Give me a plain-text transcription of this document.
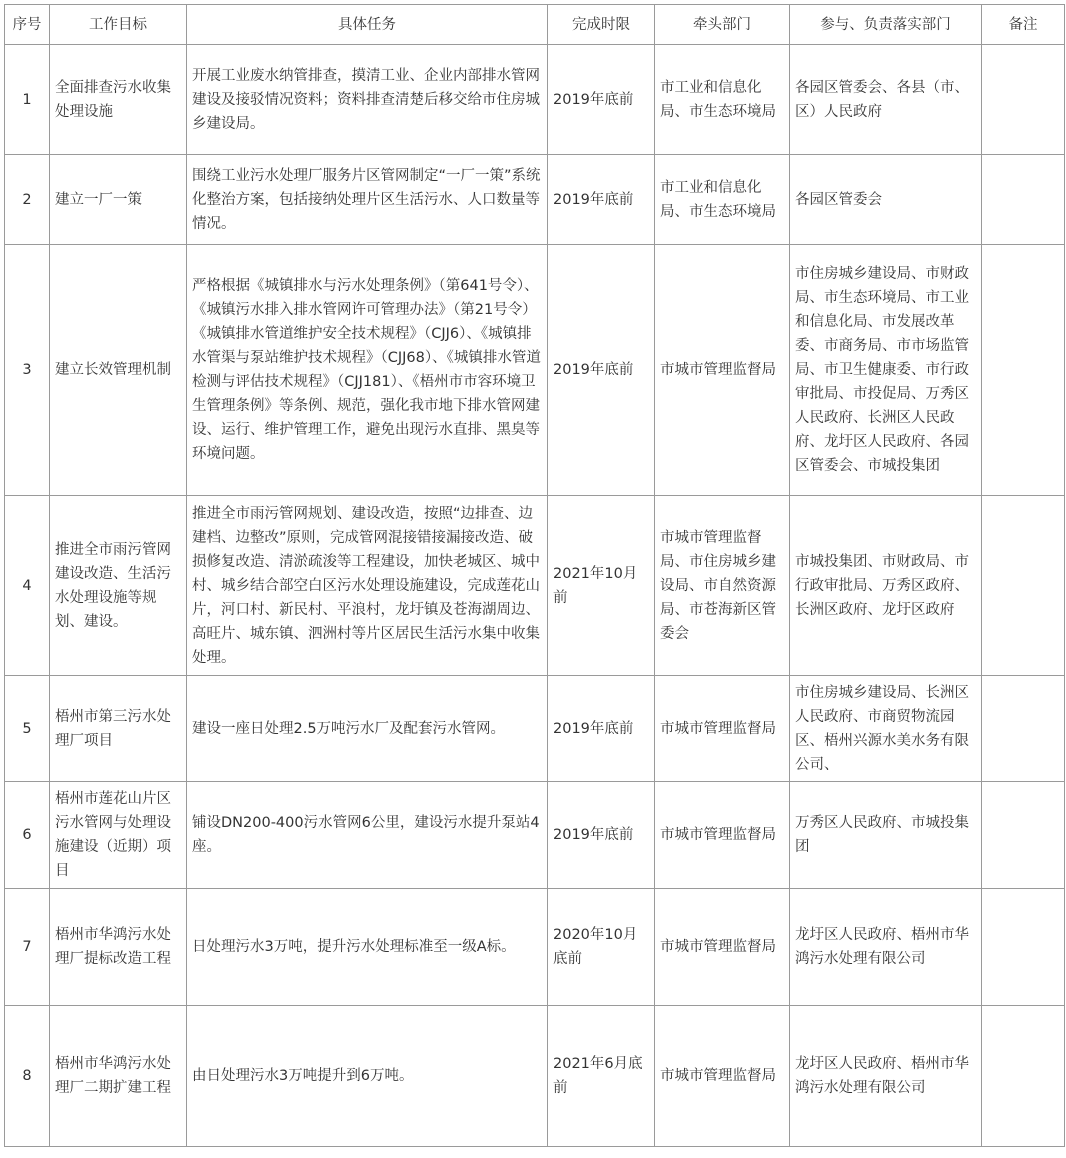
序号	工作目标	具体任务	完成时限	牵头部门	参与、负责落实部门	备注
1	全面排查污水收集处理设施	开展工业废水纳管排查，摸清工业、企业内部排水管网建设及接驳情况资料；资料排查清楚后移交给市住房城乡建设局。	2019年底前	市工业和信息化局、市生态环境局	各园区管委会、各县（市、区）人民政府	
2	建立一厂一策	围绕工业污水处理厂服务片区管网制定“一厂一策”系统化整治方案，包括接纳处理片区生活污水、人口数量等情况。	2019年底前	市工业和信息化局、市生态环境局	各园区管委会	
3	建立长效管理机制	严格根据《城镇排水与污水处理条例》（第641号令）、《城镇污水排入排水管网许可管理办法》（第21号令）《城镇排水管道维护安全技术规程》（CJJ6）、《城镇排水管渠与泵站维护技术规程》（CJJ68）、《城镇排水管道检测与评估技术规程》（CJJ181）、《梧州市市容环境卫生管理条例》等条例、规范，强化我市地下排水管网建设、运行、维护管理工作，避免出现污水直排、黑臭等环境问题。	2019年底前	市城市管理监督局	市住房城乡建设局、市财政局、市生态环境局、市工业和信息化局、市发展改革委、市商务局、市市场监管局、市卫生健康委、市行政审批局、市投促局、万秀区人民政府、长洲区人民政府、龙圩区人民政府、各园区管委会、市城投集团	
4	推进全市雨污管网建设改造、生活污水处理设施等规划、建设。	推进全市雨污管网规划、建设改造，按照“边排查、边建档、边整改”原则，完成管网混接错接漏接改造、破损修复改造、清淤疏浚等工程建设，加快老城区、城中村、城乡结合部空白区污水处理设施建设，完成莲花山片，河口村、新民村、平浪村，龙圩镇及苍海湖周边、高旺片、城东镇、泗洲村等片区居民生活污水集中收集处理。	2021年10月前	市城市管理监督局、市住房城乡建设局、市自然资源局、市苍海新区管委会	市城投集团、市财政局、市行政审批局、万秀区政府、长洲区政府、龙圩区政府	
5	梧州市第三污水处理厂项目	建设一座日处理2.5万吨污水厂及配套污水管网。	2019年底前	市城市管理监督局	市住房城乡建设局、长洲区人民政府、市商贸物流园区、梧州兴源水美水务有限公司、	
6	梧州市莲花山片区污水管网与处理设施建设（近期）项目	铺设DN200-400污水管网6公里，建设污水提升泵站4座。	2019年底前	市城市管理监督局	万秀区人民政府、市城投集团	
7	梧州市华鸿污水处理厂提标改造工程	日处理污水3万吨，提升污水处理标准至一级A标。	2020年10月底前	市城市管理监督局	龙圩区人民政府、梧州市华鸿污水处理有限公司	
8	梧州市华鸿污水处理厂二期扩建工程	由日处理污水3万吨提升到6万吨。	2021年6月底前	市城市管理监督局	龙圩区人民政府、梧州市华鸿污水处理有限公司	
